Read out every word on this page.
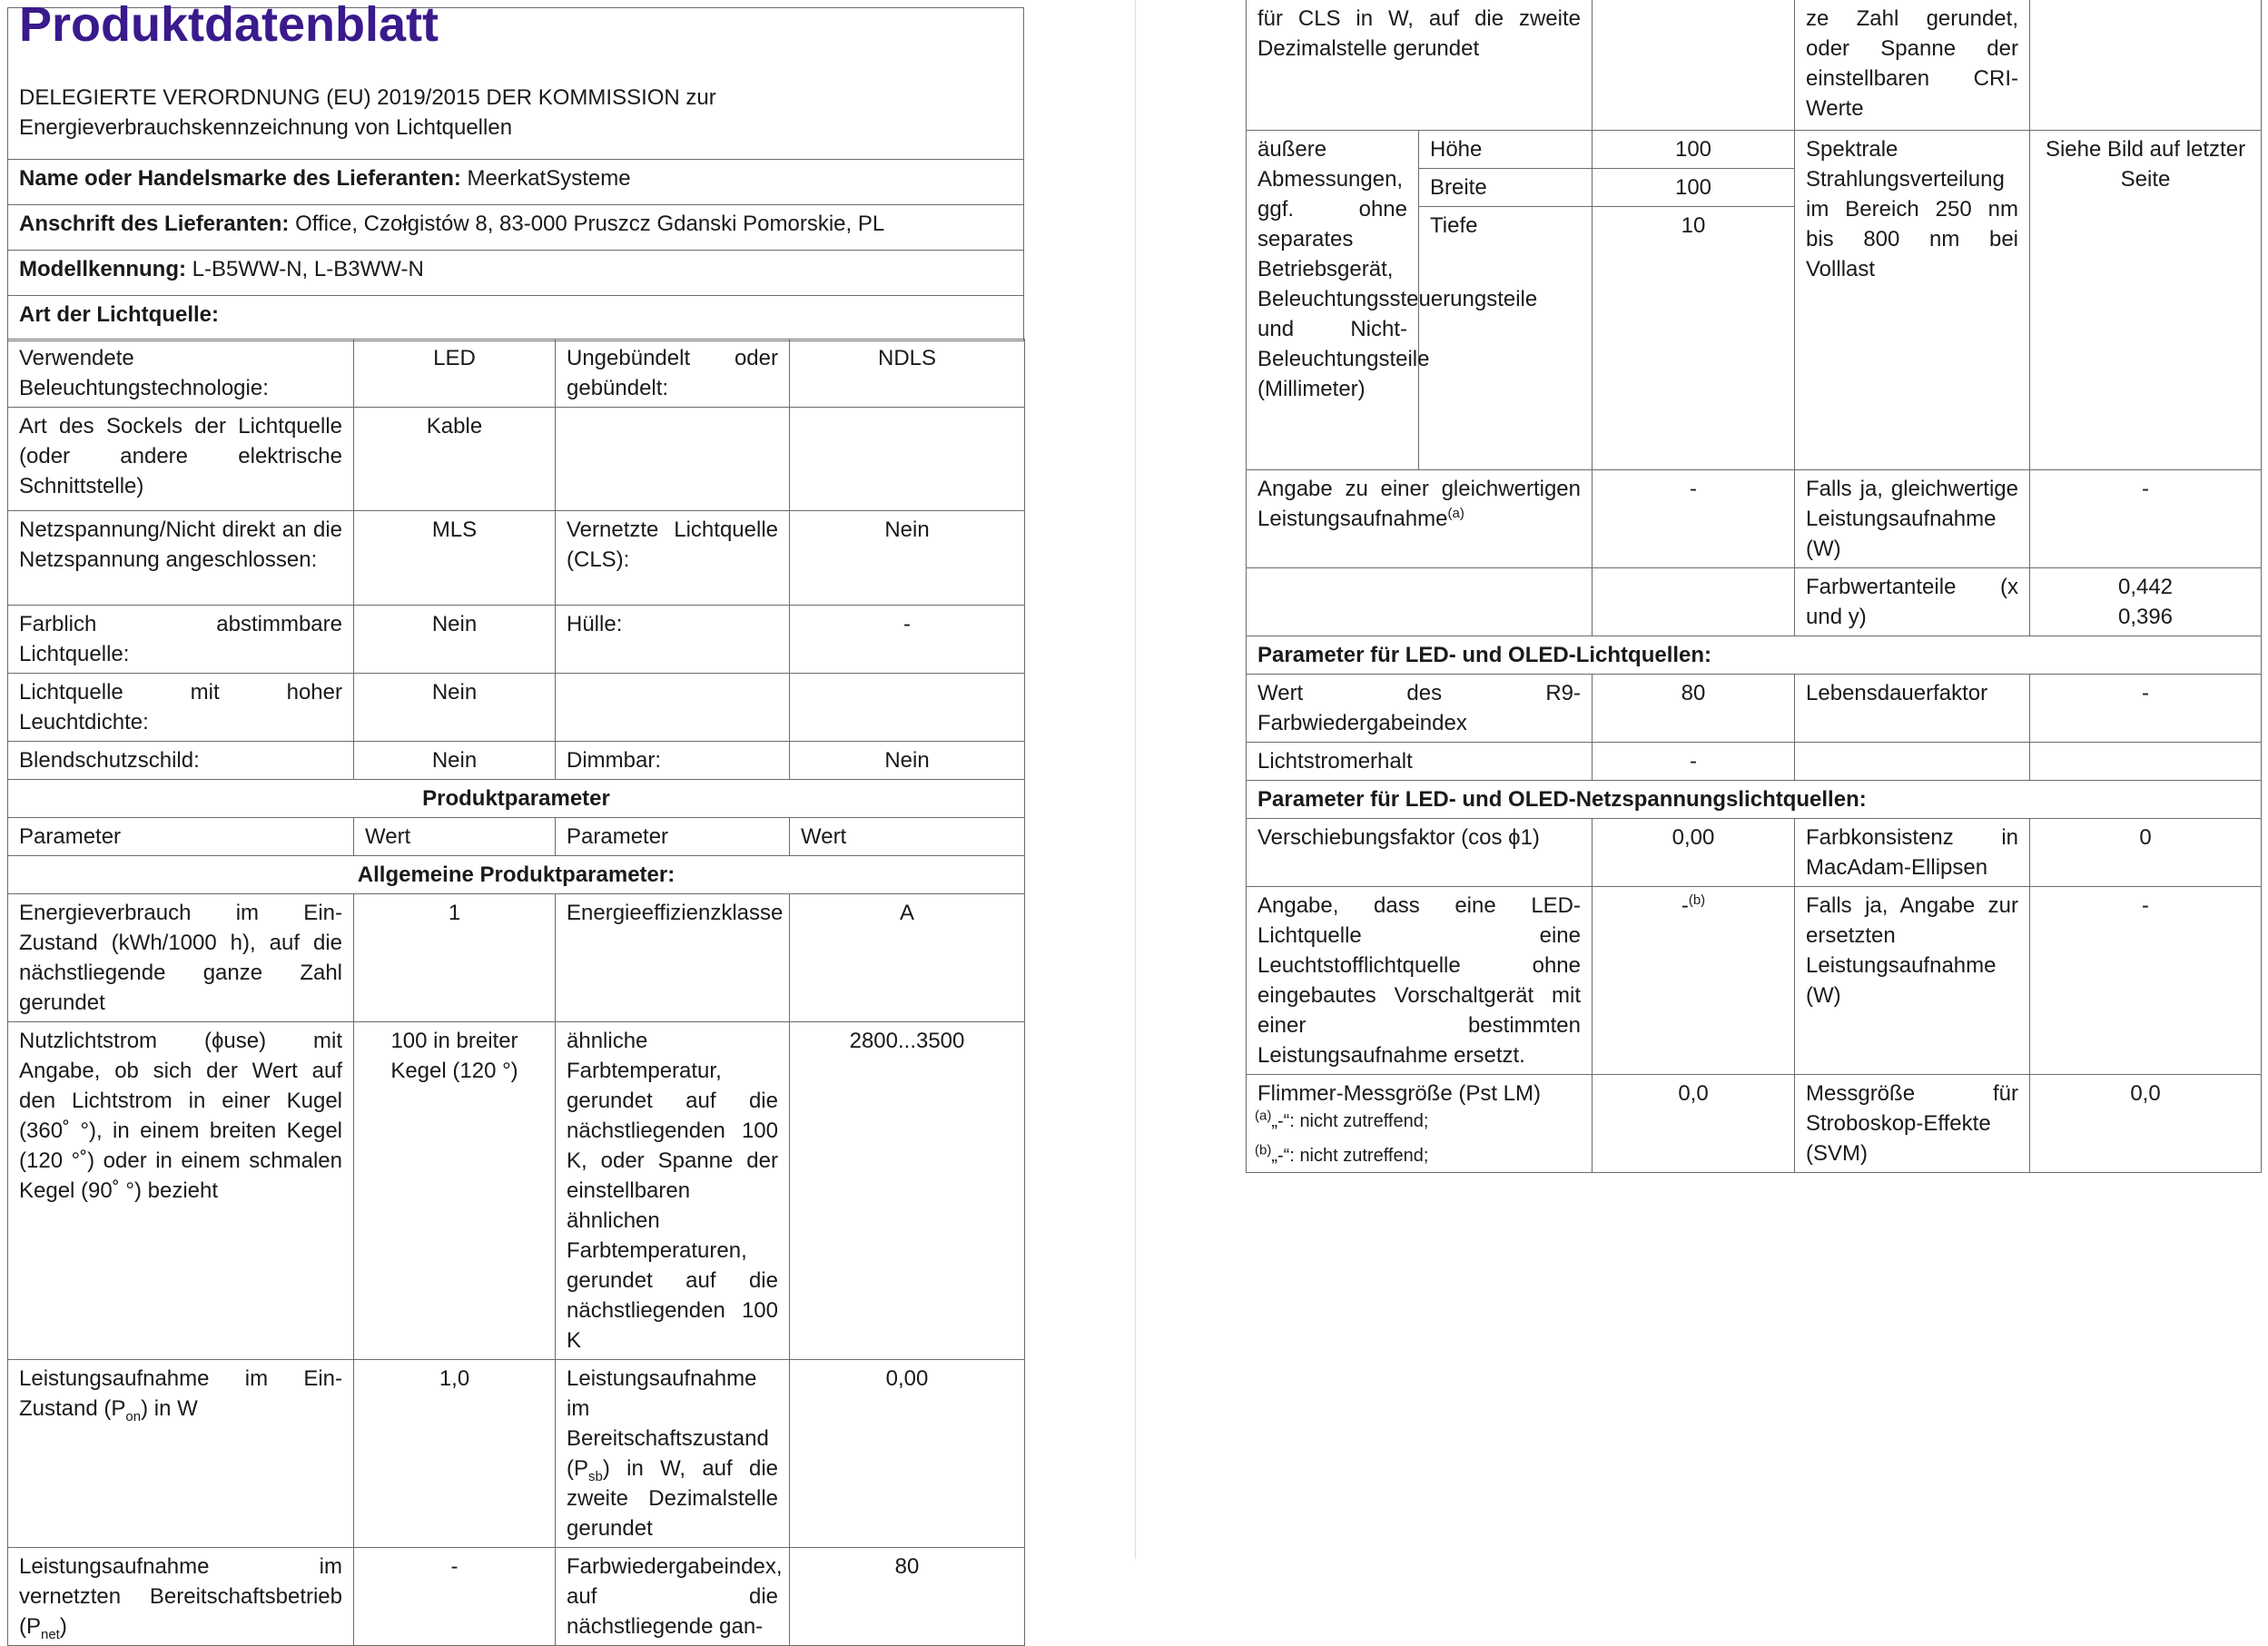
Produktdatenblatt
DELEGIERTE VERORDNUNG (EU) 2019/2015 DER KOMMISSION zur Energieverbrauchskennzeichnung von Lichtquellen

Name oder Handelsmarke des Lieferanten: MeerkatSysteme
Anschrift des Lieferanten: Office, Czołgistów 8, 83-000 Pruszcz Gdanski Pomorskie, PL
Modellkennung: L-B5WW-N, L-B3WW-N
Art der Lichtquelle:
Verwendete Beleuchtungstechnologie:	LED	Ungebündelt oder gebündelt:	NDLS
Art des Sockels der Lichtquelle (oder andere elektrische Schnittstelle)	Kable		
Netzspannung/Nicht direkt an die Netzspannung angeschlossen:	MLS	Vernetzte Lichtquelle (CLS):	Nein
Farblich abstimmbare Lichtquelle:	Nein	Hülle:	-
Lichtquelle mit hoher Leuchtdichte:	Nein		
Blendschutzschild:	Nein	Dimmbar:	Nein
Produktparameter			
Parameter	Wert	Parameter	Wert
Allgemeine Produktparameter:			
Energieverbrauch im Ein-Zustand (kWh/1000 h), auf die nächstliegende ganze Zahl gerundet	1	Energieeffizienzklasse	A
Nutzlichtstrom (ϕuse) mit Angabe, ob sich der Wert auf den Lichtstrom in einer Kugel (360˚ °), in einem breiten Kegel (120 °˚) oder in einem schmalen Kegel (90˚ °) bezieht	100 in breiter Kegel (120 °)	ähnliche Farbtemperatur, gerundet auf die nächstliegenden 100 K, oder Spanne der einstellbaren ähnlichen Farbtemperaturen, gerundet auf die nächstliegenden 100 K	2800...3500
Leistungsaufnahme im Ein-Zustand $(P_{on})$ in W	1,0	Leistungsaufnahme im Bereitschaftszustand $(P_{sb})$ in W, auf die zweite Dezimalstelle gerundet	0,00
Leistungsaufnahme im vernetzten Bereitschaftsbetrieb $(P_{net})$	-	Farbwiedergabeindex, auf die nächstliegende gan-	80
für CLS in W, auf die zweite Dezimalstelle gerundet			ze Zahl gerundet, oder Spanne der einstellbaren CRI-Werte	
äußere Abmessungen, ggf. ohne separates Betriebsgerät, Beleuchtungssteuerungsteile und Nicht-Beleuchtungsteile (Millimeter)	Höhe	100	Spektrale Strahlungsverteilung im Bereich 250 nm bis 800 nm bei Volllast	Siehe Bild auf letzter Seite
	Breite	100		
	Tiefe	10		
Angabe zu einer gleichwertigen Leistungsaufnahme$^{(a)}$		-	Falls ja, gleichwertige Leistungsaufnahme (W)	-
			Farbwertanteile (x und y)	0,442
0,396

Parameter für LED- und OLED-Lichtquellen:				
Wert des R9-Farbwiedergabeindex		80	Lebensdauerfaktor	-
Lichtstromerhalt		-		
Parameter für LED- und OLED-Netzspannungslichtquellen:				
Verschiebungsfaktor (cos ϕ1)		0,00	Farbkonsistenz in MacAdam-Ellipsen	0
Angabe, dass eine LED-Lichtquelle eine Leuchtstofflichtquelle ohne eingebautes Vorschaltgerät mit einer bestimmten Leistungsaufnahme ersetzt.		-$^{(b)}$	Falls ja, Angabe zur ersetzten Leistungsaufnahme (W)	-
Flimmer-Messgröße (Pst LM)		0,0	Messgröße für Stroboskop-Effekte (SVM)	0,0
$^{(a)}$„-“: nicht zutreffend;
$^{(b)}$„-“: nicht zutreffend;
